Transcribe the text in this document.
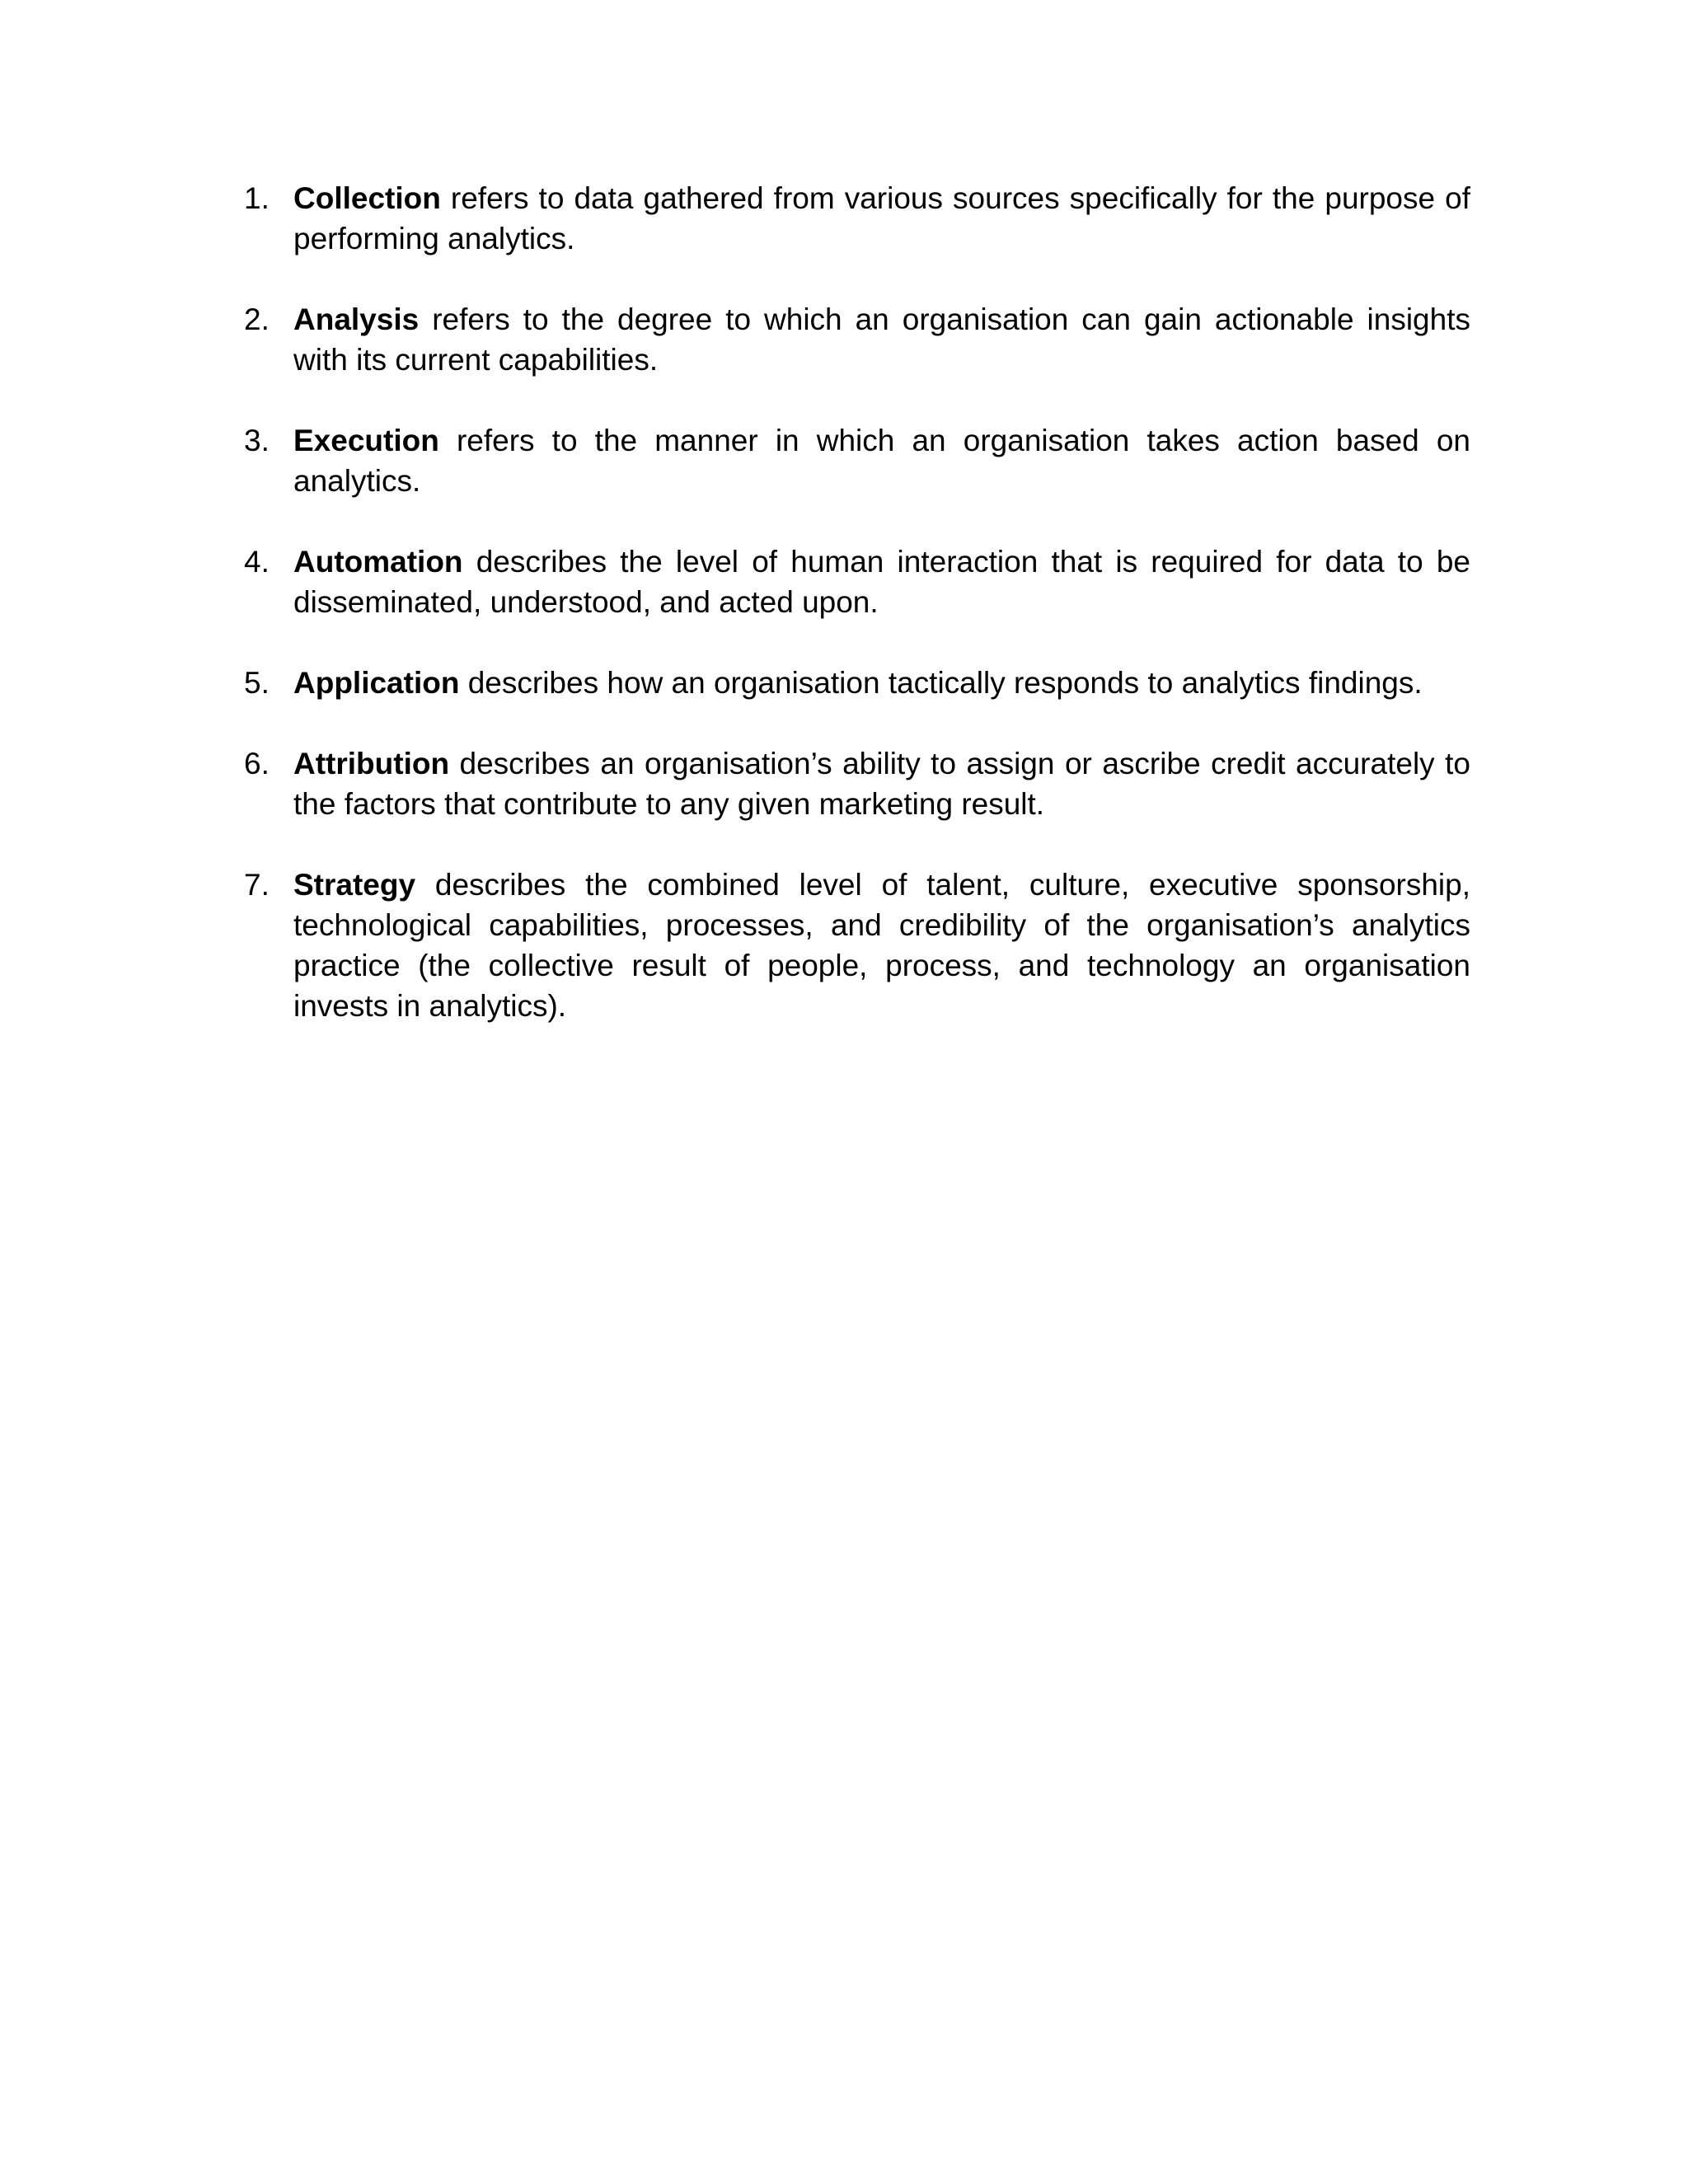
1. Collection refers to data gathered from various sources specifically for the purpose of performing analytics.
2. Analysis refers to the degree to which an organisation can gain actionable insights with its current capabilities.
3. Execution refers to the manner in which an organisation takes action based on analytics.
4. Automation describes the level of human interaction that is required for data to be disseminated, understood, and acted upon.
5. Application describes how an organisation tactically responds to analytics findings.
6. Attribution describes an organisation’s ability to assign or ascribe credit accurately to the factors that contribute to any given marketing result.
7. Strategy describes the combined level of talent, culture, executive sponsorship, technological capabilities, processes, and credibility of the organisation’s analytics practice (the collective result of people, process, and technology an organisation invests in analytics).
